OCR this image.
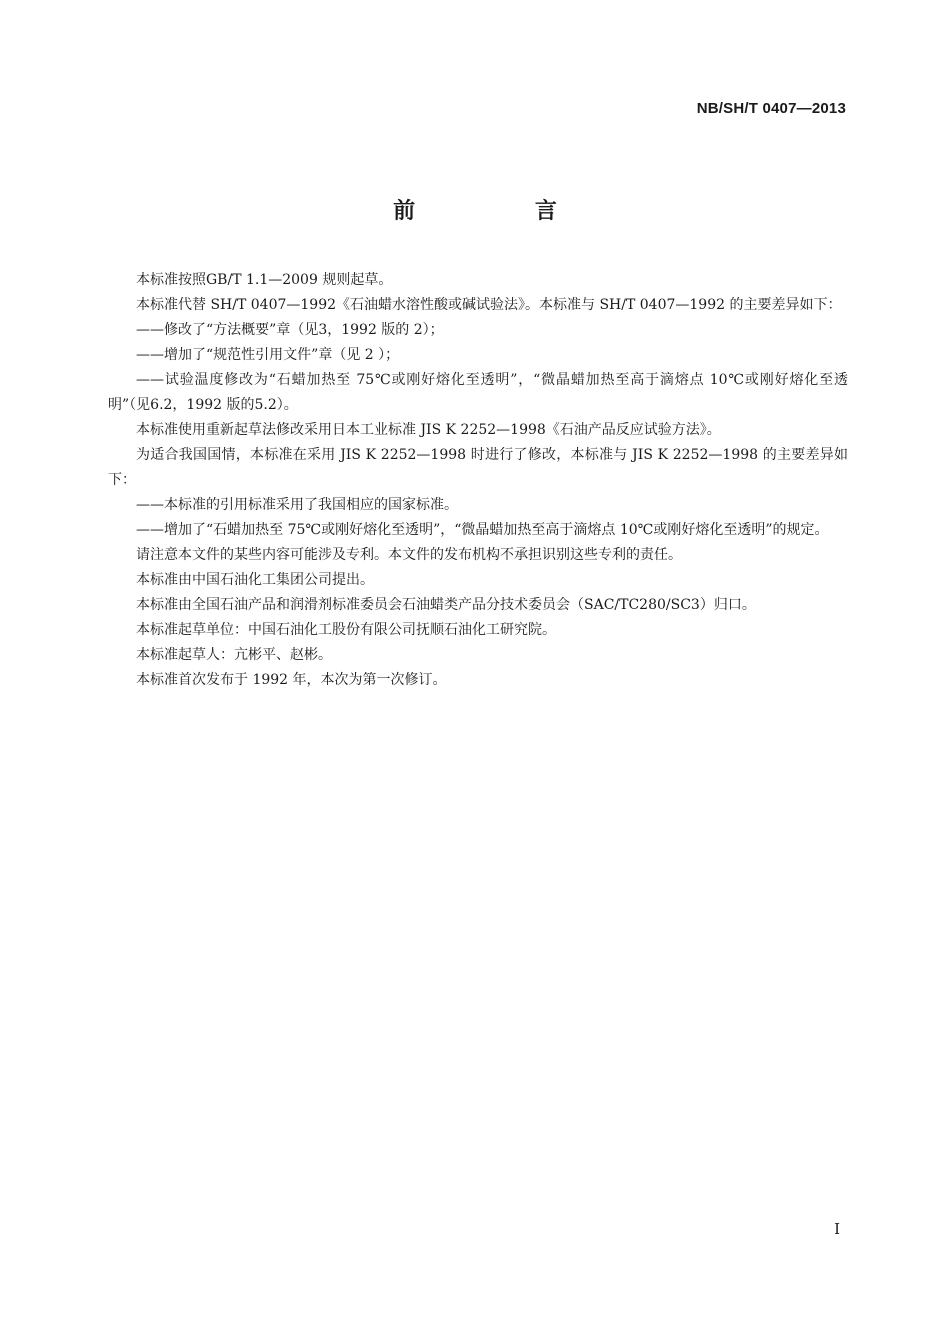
NB/SH/T 0407—2013
前 言

本标准按照GB/T 1.1—2009 规则起草。

本标准代替 SH/T 0407—1992《石油蜡水溶性酸或碱试验法》。本标准与 SH/T 0407—1992 的主要差异如下：

——修改了“方法概要”章（见3，1992 版的 2）；

——增加了“规范性引用文件”章（见 2 ）；

——试验温度修改为“石蜡加热至 75℃或刚好熔化至透明”，“微晶蜡加热至高于滴熔点 10℃或刚好熔化至透明”（见6.2，1992 版的5.2）。

本标准使用重新起草法修改采用日本工业标准 JIS K 2252—1998《石油产品反应试验方法》。

为适合我国国情，本标准在采用 JIS K 2252—1998 时进行了修改，本标准与 JIS K 2252—1998 的主要差异如下：

——本标准的引用标准采用了我国相应的国家标准。

——增加了“石蜡加热至 75℃或刚好熔化至透明”，“微晶蜡加热至高于滴熔点 10℃或刚好熔化至透明”的规定。

请注意本文件的某些内容可能涉及专利。本文件的发布机构不承担识别这些专利的责任。

本标准由中国石油化工集团公司提出。

本标准由全国石油产品和润滑剂标准委员会石油蜡类产品分技术委员会（SAC/TC280/SC3）归口。

本标准起草单位：中国石油化工股份有限公司抚顺石油化工研究院。

本标准起草人：亢彬平、赵彬。

本标准首次发布于 1992 年，本次为第一次修订。

I
